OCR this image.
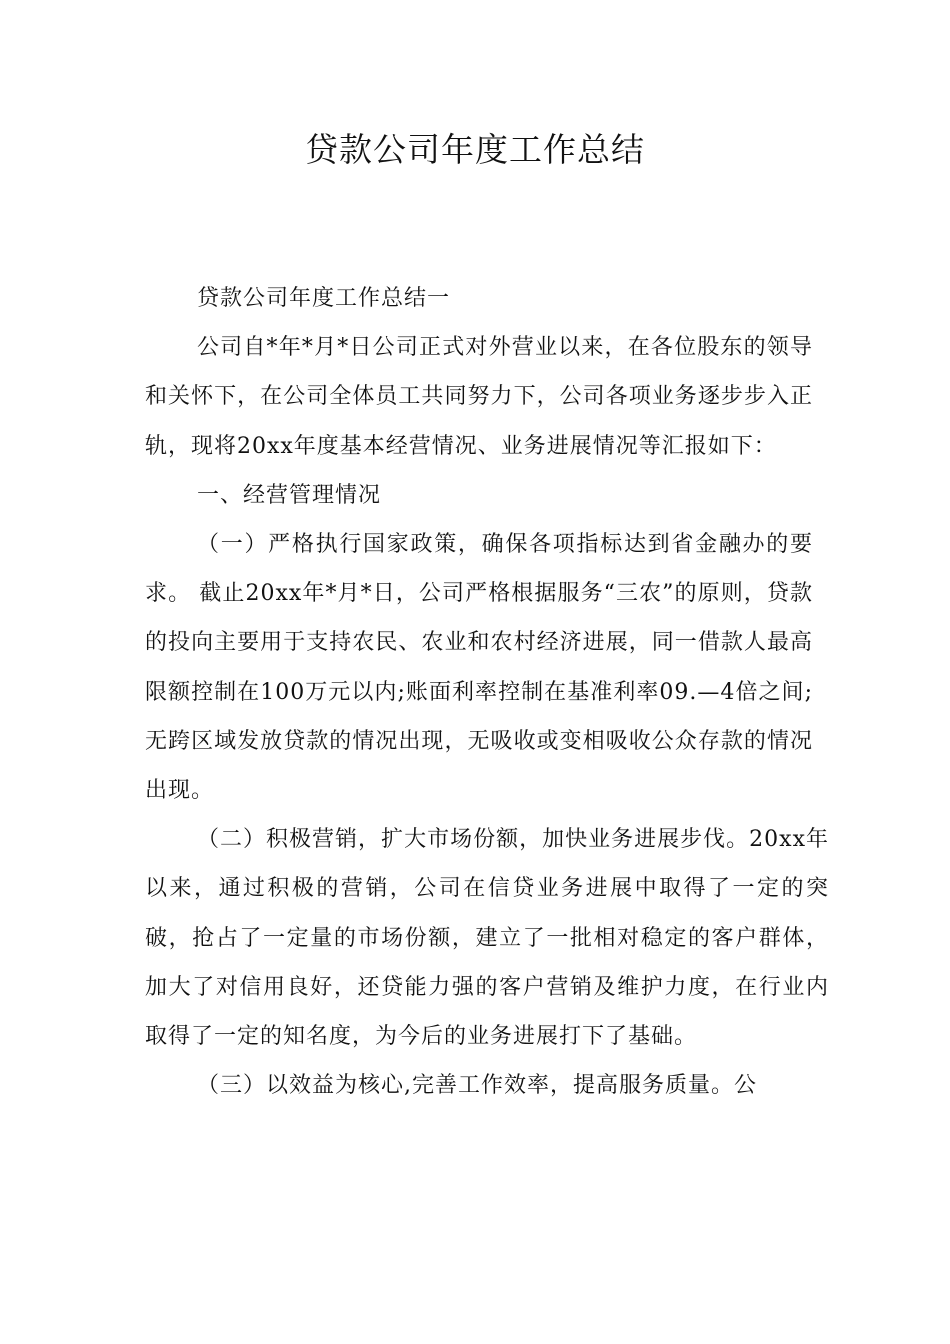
贷款公司年度工作总结

贷款公司年度工作总结一

公司自*年*月*日公司正式对外营业以来，在各位股东的领导和关怀下，在公司全体员工共同努力下，公司各项业务逐步步入正轨，现将20xx年度基本经营情况、业务进展情况等汇报如下：

一、经营管理情况

（一）严格执行国家政策，确保各项指标达到省金融办的要求。 截止20xx年*月*日，公司严格根据服务“三农”的原则，贷款的投向主要用于支持农民、农业和农村经济进展，同一借款人最高限额控制在100万元以内;账面利率控制在基准利率09.—4倍之间;无跨区域发放贷款的情况出现，无吸收或变相吸收公众存款的情况出现。

（二）积极营销，扩大市场份额，加快业务进展步伐。20xx年以来，通过积极的营销，公司在信贷业务进展中取得了一定的突破，抢占了一定量的市场份额，建立了一批相对稳定的客户群体，加大了对信用良好，还贷能力强的客户营销及维护力度，在行业内取得了一定的知名度，为今后的业务进展打下了基础。

（三）以效益为核心,完善工作效率，提高服务质量。公
